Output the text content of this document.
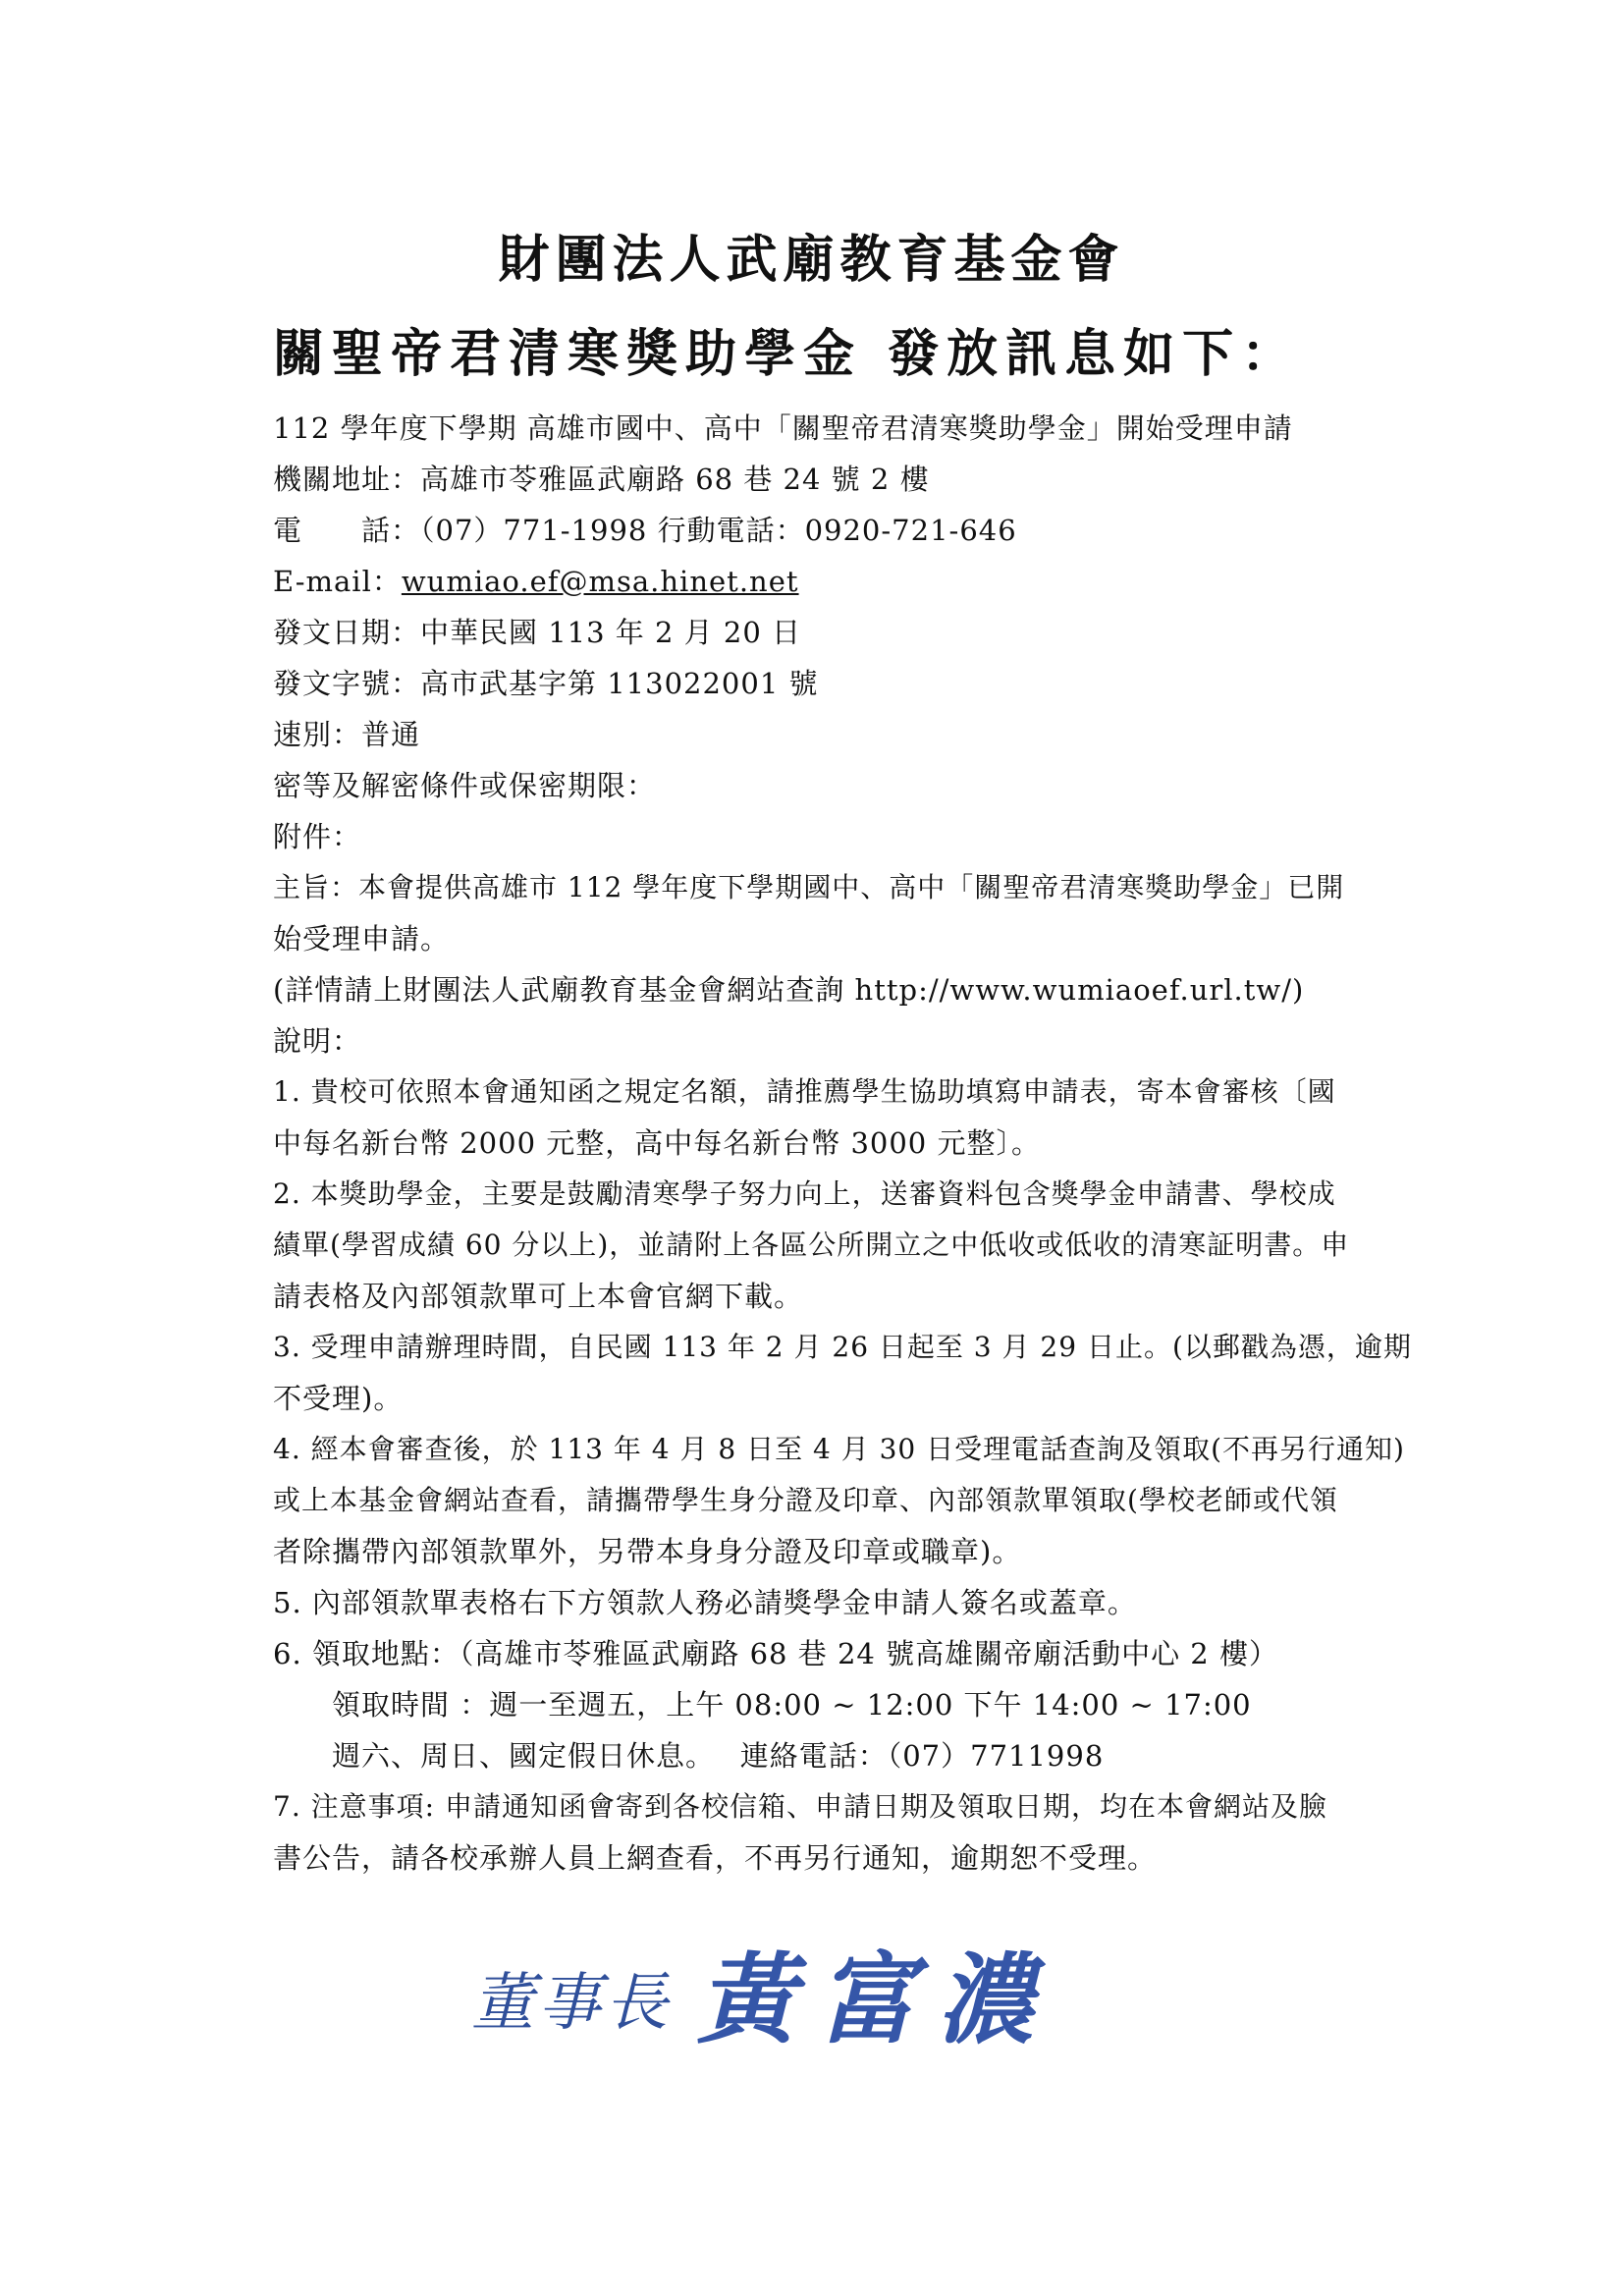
財團法人武廟教育基金會
關聖帝君清寒獎助學金 發放訊息如下：
112 學年度下學期 高雄市國中、高中「關聖帝君清寒獎助學金」開始受理申請
機關地址：高雄市苓雅區武廟路 68 巷 24 號 2 樓
電　　話：（07）771-1998 行動電話：0920-721-646
E-mail：wumiao.ef@msa.hinet.net
發文日期：中華民國 113 年 2 月 20 日
發文字號：高市武基字第 113022001 號
速別：普通
密等及解密條件或保密期限：
附件：
主旨：本會提供高雄市 112 學年度下學期國中、高中「關聖帝君清寒獎助學金」已開
始受理申請。
(詳情請上財團法人武廟教育基金會網站查詢 http://www.wumiaoef.url.tw/)
說明：
1. 貴校可依照本會通知函之規定名額，請推薦學生協助填寫申請表，寄本會審核〔國
中每名新台幣 2000 元整，高中每名新台幣 3000 元整〕。
2. 本獎助學金，主要是鼓勵清寒學子努力向上，送審資料包含獎學金申請書、學校成
績單(學習成績 60 分以上)，並請附上各區公所開立之中低收或低收的清寒証明書。申
請表格及內部領款單可上本會官網下載。
3. 受理申請辦理時間，自民國 113 年 2 月 26 日起至 3 月 29 日止。(以郵戳為憑，逾期
不受理)。
4. 經本會審查後，於 113 年 4 月 8 日至 4 月 30 日受理電話查詢及領取(不再另行通知)
或上本基金會網站查看，請攜帶學生身分證及印章、內部領款單領取(學校老師或代領
者除攜帶內部領款單外，另帶本身身分證及印章或職章)。
5. 內部領款單表格右下方領款人務必請獎學金申請人簽名或蓋章。
6. 領取地點：（高雄市苓雅區武廟路 68 巷 24 號高雄關帝廟活動中心 2 樓）
　　領取時間 ：週一至週五，上午 08:00 ~ 12:00 下午 14:00 ~ 17:00
　　週六、周日、國定假日休息。　 連絡電話：（07）7711998
7. 注意事項: 申請通知函會寄到各校信箱、申請日期及領取日期，均在本會網站及臉
書公告，請各校承辦人員上網查看，不再另行通知，逾期恕不受理。
董事長 黃富濃
